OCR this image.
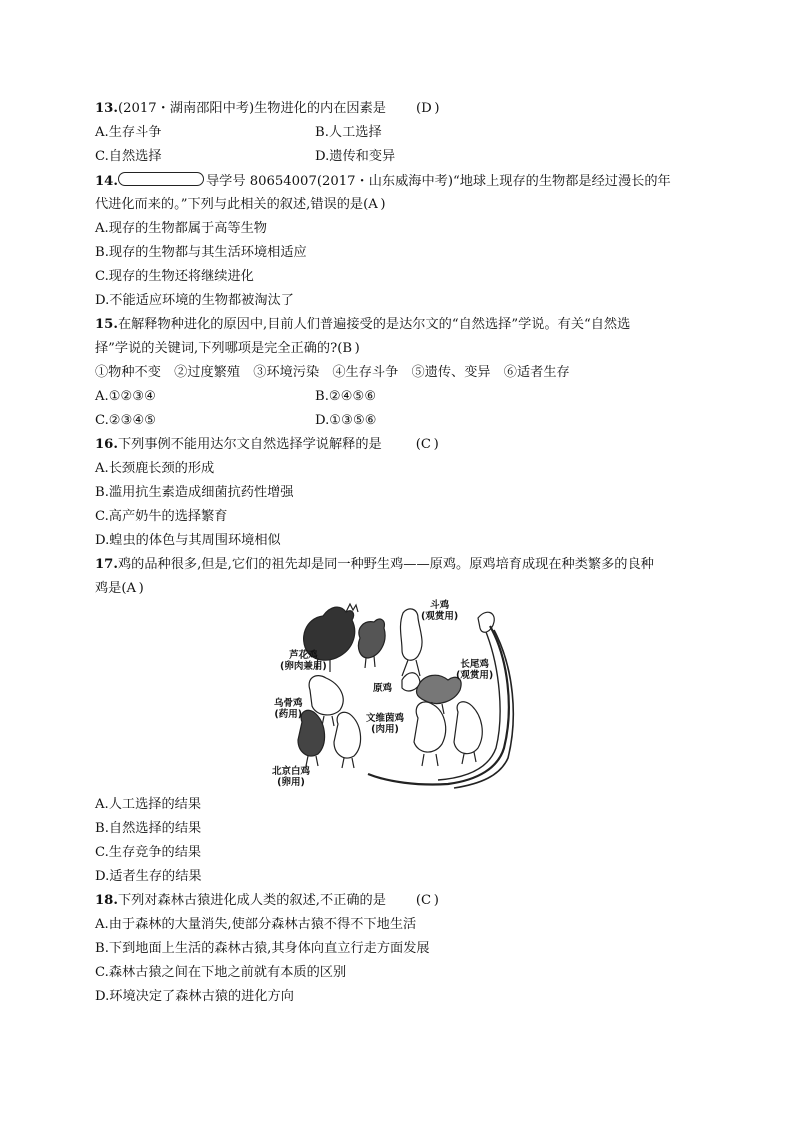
13.(2017・湖南邵阳中考)生物进化的内在因素是 (D )
A.生存斗争	B.人工选择
C.自然选择	D.遗传和变异
14.	导学号 80654007(2017・山东威海中考)“地球上现存的生物都是经过漫长的年
代进化而来的。”下列与此相关的叙述,错误的是(A )
A.现存的生物都属于高等生物
B.现存的生物都与其生活环境相适应
C.现存的生物还将继续进化
D.不能适应环境的生物都被淘汰了
15.在解释物种进化的原因中,目前人们普遍接受的是达尔文的“自然选择”学说。有关“自然选
择”学说的关键词,下列哪项是完全正确的?(B )
①物种不变　②过度繁殖　③环境污染　④生存斗争　⑤遗传、变异　⑥适者生存
A.①②③④	B.②④⑤⑥
C.②③④⑤	D.①③⑤⑥
16.下列事例不能用达尔文自然选择学说解释的是	(C )
A.长颈鹿长颈的形成
B.滥用抗生素造成细菌抗药性增强
C.高产奶牛的选择繁育
D.蝗虫的体色与其周围环境相似
17.鸡的品种很多,但是,它们的祖先却是同一种野生鸡——原鸡。原鸡培育成现在种类繁多的良种
鸡是(A )
芦花鸡
(卵肉兼用)
斗鸡
(观赏用)
长尾鸡
(观赏用)
原鸡
乌骨鸡
(药用)	文维茵鸡
(肉用)
北京白鸡
(卵用)
A.人工选择的结果
B.自然选择的结果
C.生存竞争的结果
D.适者生存的结果
18.下列对森林古猿进化成人类的叙述,不正确的是 (C )
A.由于森林的大量消失,使部分森林古猿不得不下地生活
B.下到地面上生活的森林古猿,其身体向直立行走方面发展
C.森林古猿之间在下地之前就有本质的区别
D.环境决定了森林古猿的进化方向
